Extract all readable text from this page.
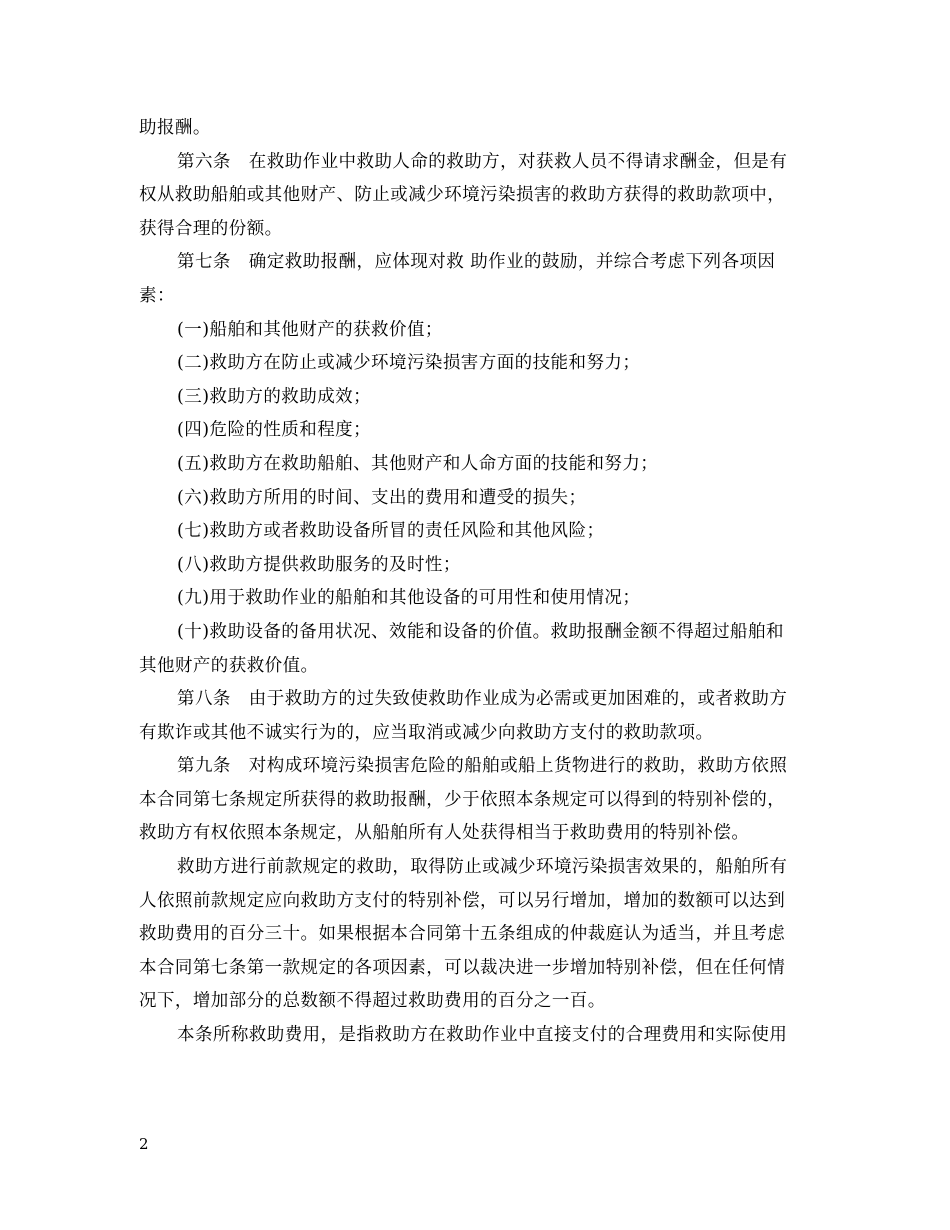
助报酬。
第六条　在救助作业中救助人命的救助方，对获救人员不得请求酬金，但是有
权从救助船舶或其他财产、防止或减少环境污染损害的救助方获得的救助款项中，
获得合理的份额。
第七条　确定救助报酬，应体现对救 助作业的鼓励，并综合考虑下列各项因
素：
(一)船舶和其他财产的获救价值；
(二)救助方在防止或减少环境污染损害方面的技能和努力；
(三)救助方的救助成效；
(四)危险的性质和程度；
(五)救助方在救助船舶、其他财产和人命方面的技能和努力；
(六)救助方所用的时间、支出的费用和遭受的损失；
(七)救助方或者救助设备所冒的责任风险和其他风险；
(八)救助方提供救助服务的及时性；
(九)用于救助作业的船舶和其他设备的可用性和使用情况；
(十)救助设备的备用状况、效能和设备的价值。救助报酬金额不得超过船舶和
其他财产的获救价值。
第八条　由于救助方的过失致使救助作业成为必需或更加困难的，或者救助方
有欺诈或其他不诚实行为的，应当取消或减少向救助方支付的救助款项。
第九条　对构成环境污染损害危险的船舶或船上货物进行的救助，救助方依照
本合同第七条规定所获得的救助报酬，少于依照本条规定可以得到的特别补偿的，
救助方有权依照本条规定，从船舶所有人处获得相当于救助费用的特别补偿。
救助方进行前款规定的救助，取得防止或减少环境污染损害效果的，船舶所有
人依照前款规定应向救助方支付的特别补偿，可以另行增加，增加的数额可以达到
救助费用的百分三十。如果根据本合同第十五条组成的仲裁庭认为适当，并且考虑
本合同第七条第一款规定的各项因素，可以裁决进一步增加特别补偿，但在任何情
况下，增加部分的总数额不得超过救助费用的百分之一百。
本条所称救助费用，是指救助方在救助作业中直接支付的合理费用和实际使用
2
